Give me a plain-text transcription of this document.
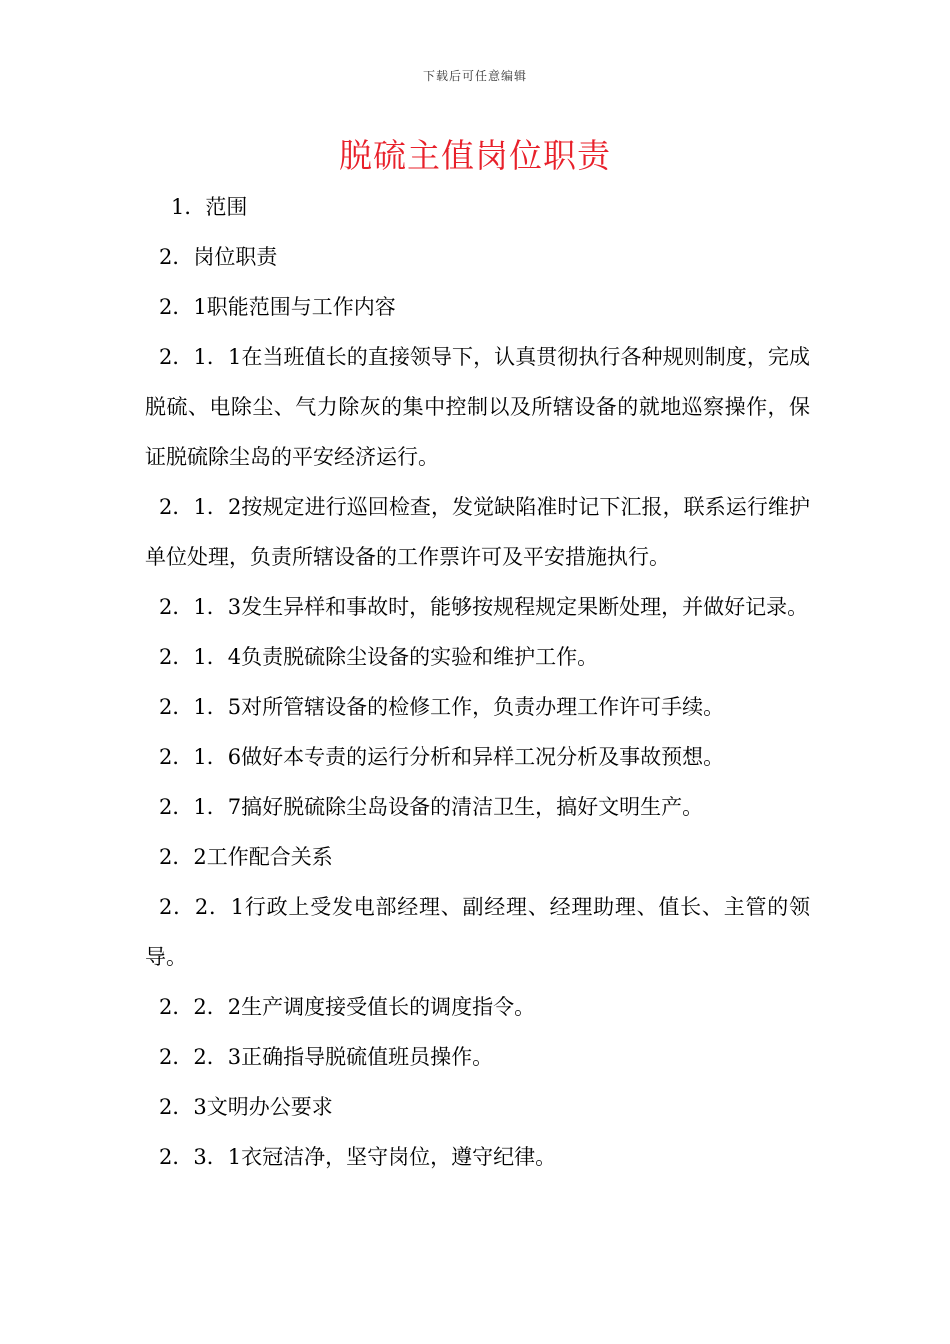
下载后可任意编辑
脱硫主值岗位职责

1．范围

2．岗位职责

2．1职能范围与工作内容

2．1．1在当班值长的直接领导下，认真贯彻执行各种规则制度，完成脱硫、电除尘、气力除灰的集中控制以及所辖设备的就地巡察操作，保证脱硫除尘岛的平安经济运行。

2．1．2按规定进行巡回检查，发觉缺陷准时记下汇报，联系运行维护单位处理，负责所辖设备的工作票许可及平安措施执行。

2．1．3发生异样和事故时，能够按规程规定果断处理，并做好记录。

2．1．4负责脱硫除尘设备的实验和维护工作。

2．1．5对所管辖设备的检修工作，负责办理工作许可手续。

2．1．6做好本专责的运行分析和异样工况分析及事故预想。

2．1．7搞好脱硫除尘岛设备的清洁卫生，搞好文明生产。

2．2工作配合关系

2．2．1行政上受发电部经理、副经理、经理助理、值长、主管的领导。

2．2．2生产调度接受值长的调度指令。

2．2．3正确指导脱硫值班员操作。

2．3文明办公要求

2．3．1衣冠洁净，坚守岗位，遵守纪律。
